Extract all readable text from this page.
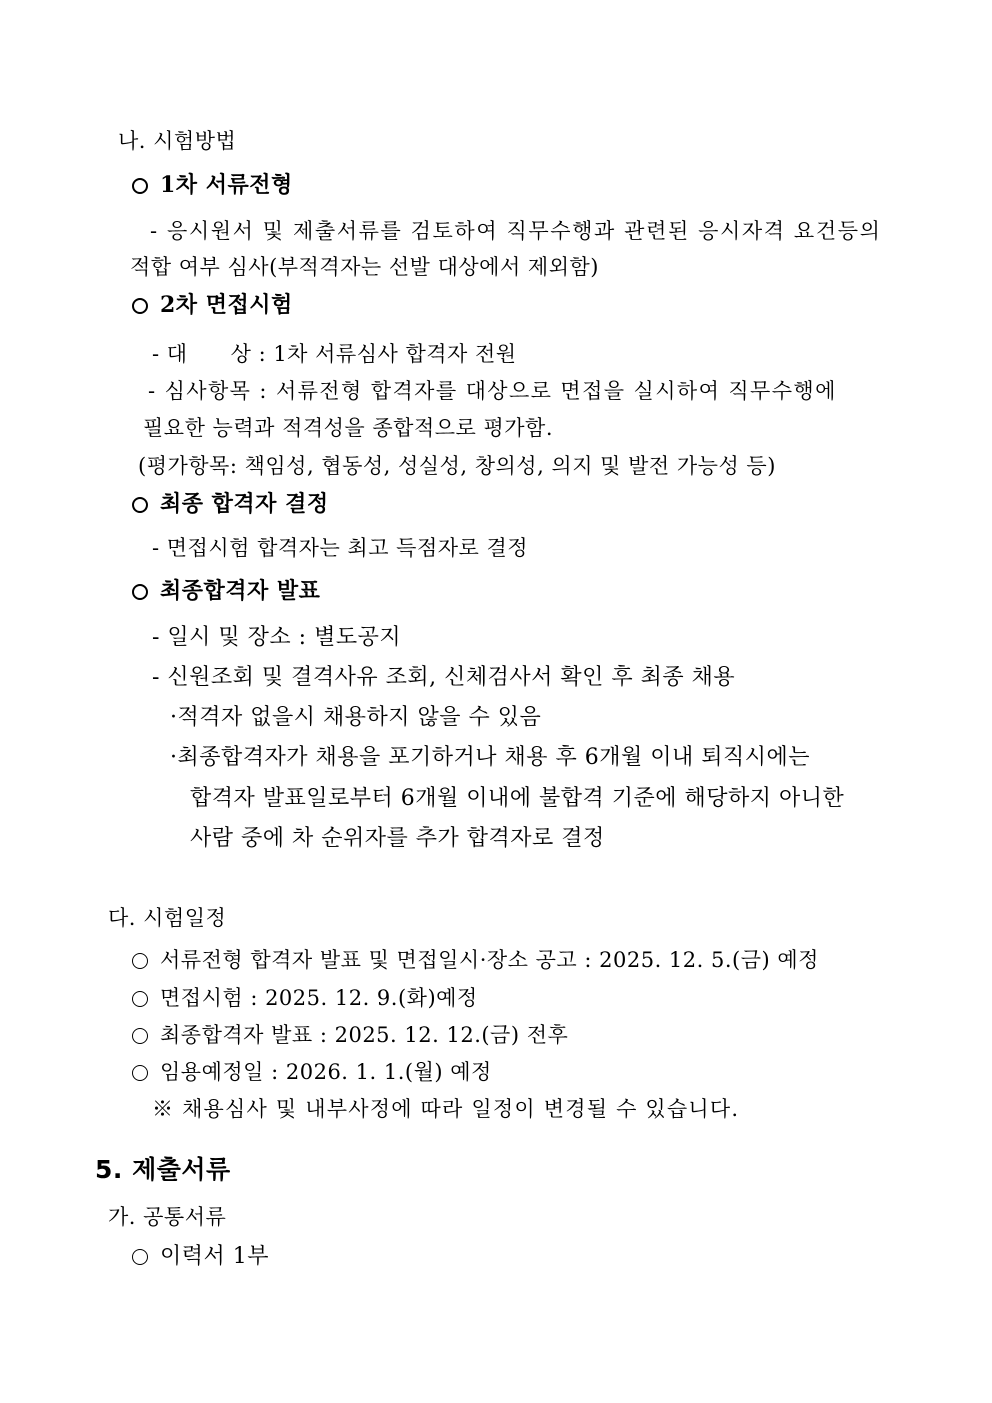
나. 시험방법
1차 서류전형
- 응시원서 및 제출서류를 검토하여 직무수행과 관련된 응시자격 요건등의
적합 여부 심사(부적격자는 선발 대상에서 제외함)
2차 면접시험
- 대      상 : 1차 서류심사 합격자 전원
- 심사항목 : 서류전형 합격자를 대상으로 면접을 실시하여 직무수행에
필요한 능력과 적격성을 종합적으로 평가함.
(평가항목: 책임성, 협동성, 성실성, 창의성, 의지 및 발전 가능성 등)
최종 합격자 결정
- 면접시험 합격자는 최고 득점자로 결정
최종합격자 발표
- 일시 및 장소 : 별도공지
- 신원조회 및 결격사유 조회, 신체검사서 확인 후 최종 채용
·적격자 없을시 채용하지 않을 수 있음
·최종합격자가 채용을 포기하거나 채용 후 6개월 이내 퇴직시에는
합격자 발표일로부터 6개월 이내에 불합격 기준에 해당하지 아니한
사람 중에 차 순위자를 추가 합격자로 결정
다. 시험일정
서류전형 합격자 발표 및 면접일시·장소 공고 : 2025. 12. 5.(금) 예정
면접시험 : 2025. 12. 9.(화)예정
최종합격자 발표 : 2025. 12. 12.(금) 전후
임용예정일 : 2026. 1. 1.(월) 예정
※ 채용심사 및 내부사정에 따라 일정이 변경될 수 있습니다.
5. 제출서류
가. 공통서류
이력서 1부
